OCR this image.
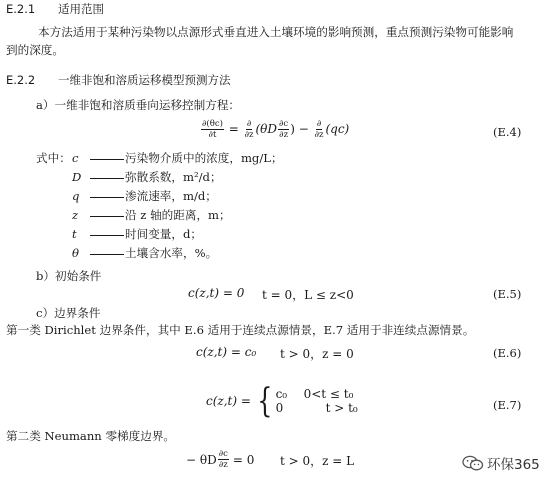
E.2.1 适用范围
本方法适用于某种污染物以点源形式垂直进入土壤环境的影响预测，重点预测污染物可能影响
到的深度。
E.2.2 一维非饱和溶质运移模型预测方法
a）一维非饱和溶质垂向运移控制方程：
$\frac{\partial(\theta c)}{\partial t} = \frac{\partial}{\partial z} (\theta D \frac{\partial c}{\partial z}$ ) − $\frac{\partial}{\partial z} (qc)$	(E.4)
式中： c	污染物介质中的浓度，mg/L；
D	弥散系数，m²/d；
q	渗流速率，m/d；
z	沿 z 轴的距离，m；
t	时间变量，d；
θ	土壤含水率，%。
b）初始条件
c(z,t) = 0 t = 0，L ≤ z<0	(E.5)
c）边界条件
第一类 Dirichlet 边界条件，其中 E.6 适用于连续点源情景，E.7 适用于非连续点源情景。
c(z,t) = c₀ t > 0，z = 0	(E.6)
c(z,t) = { c₀ 0<t ≤ t₀
0	t > t₀	(E.7)
第二类 Neumann 零梯度边界。
− θD $\frac{\partial c}{\partial z} = 0$ t > 0，z = L	环保365
